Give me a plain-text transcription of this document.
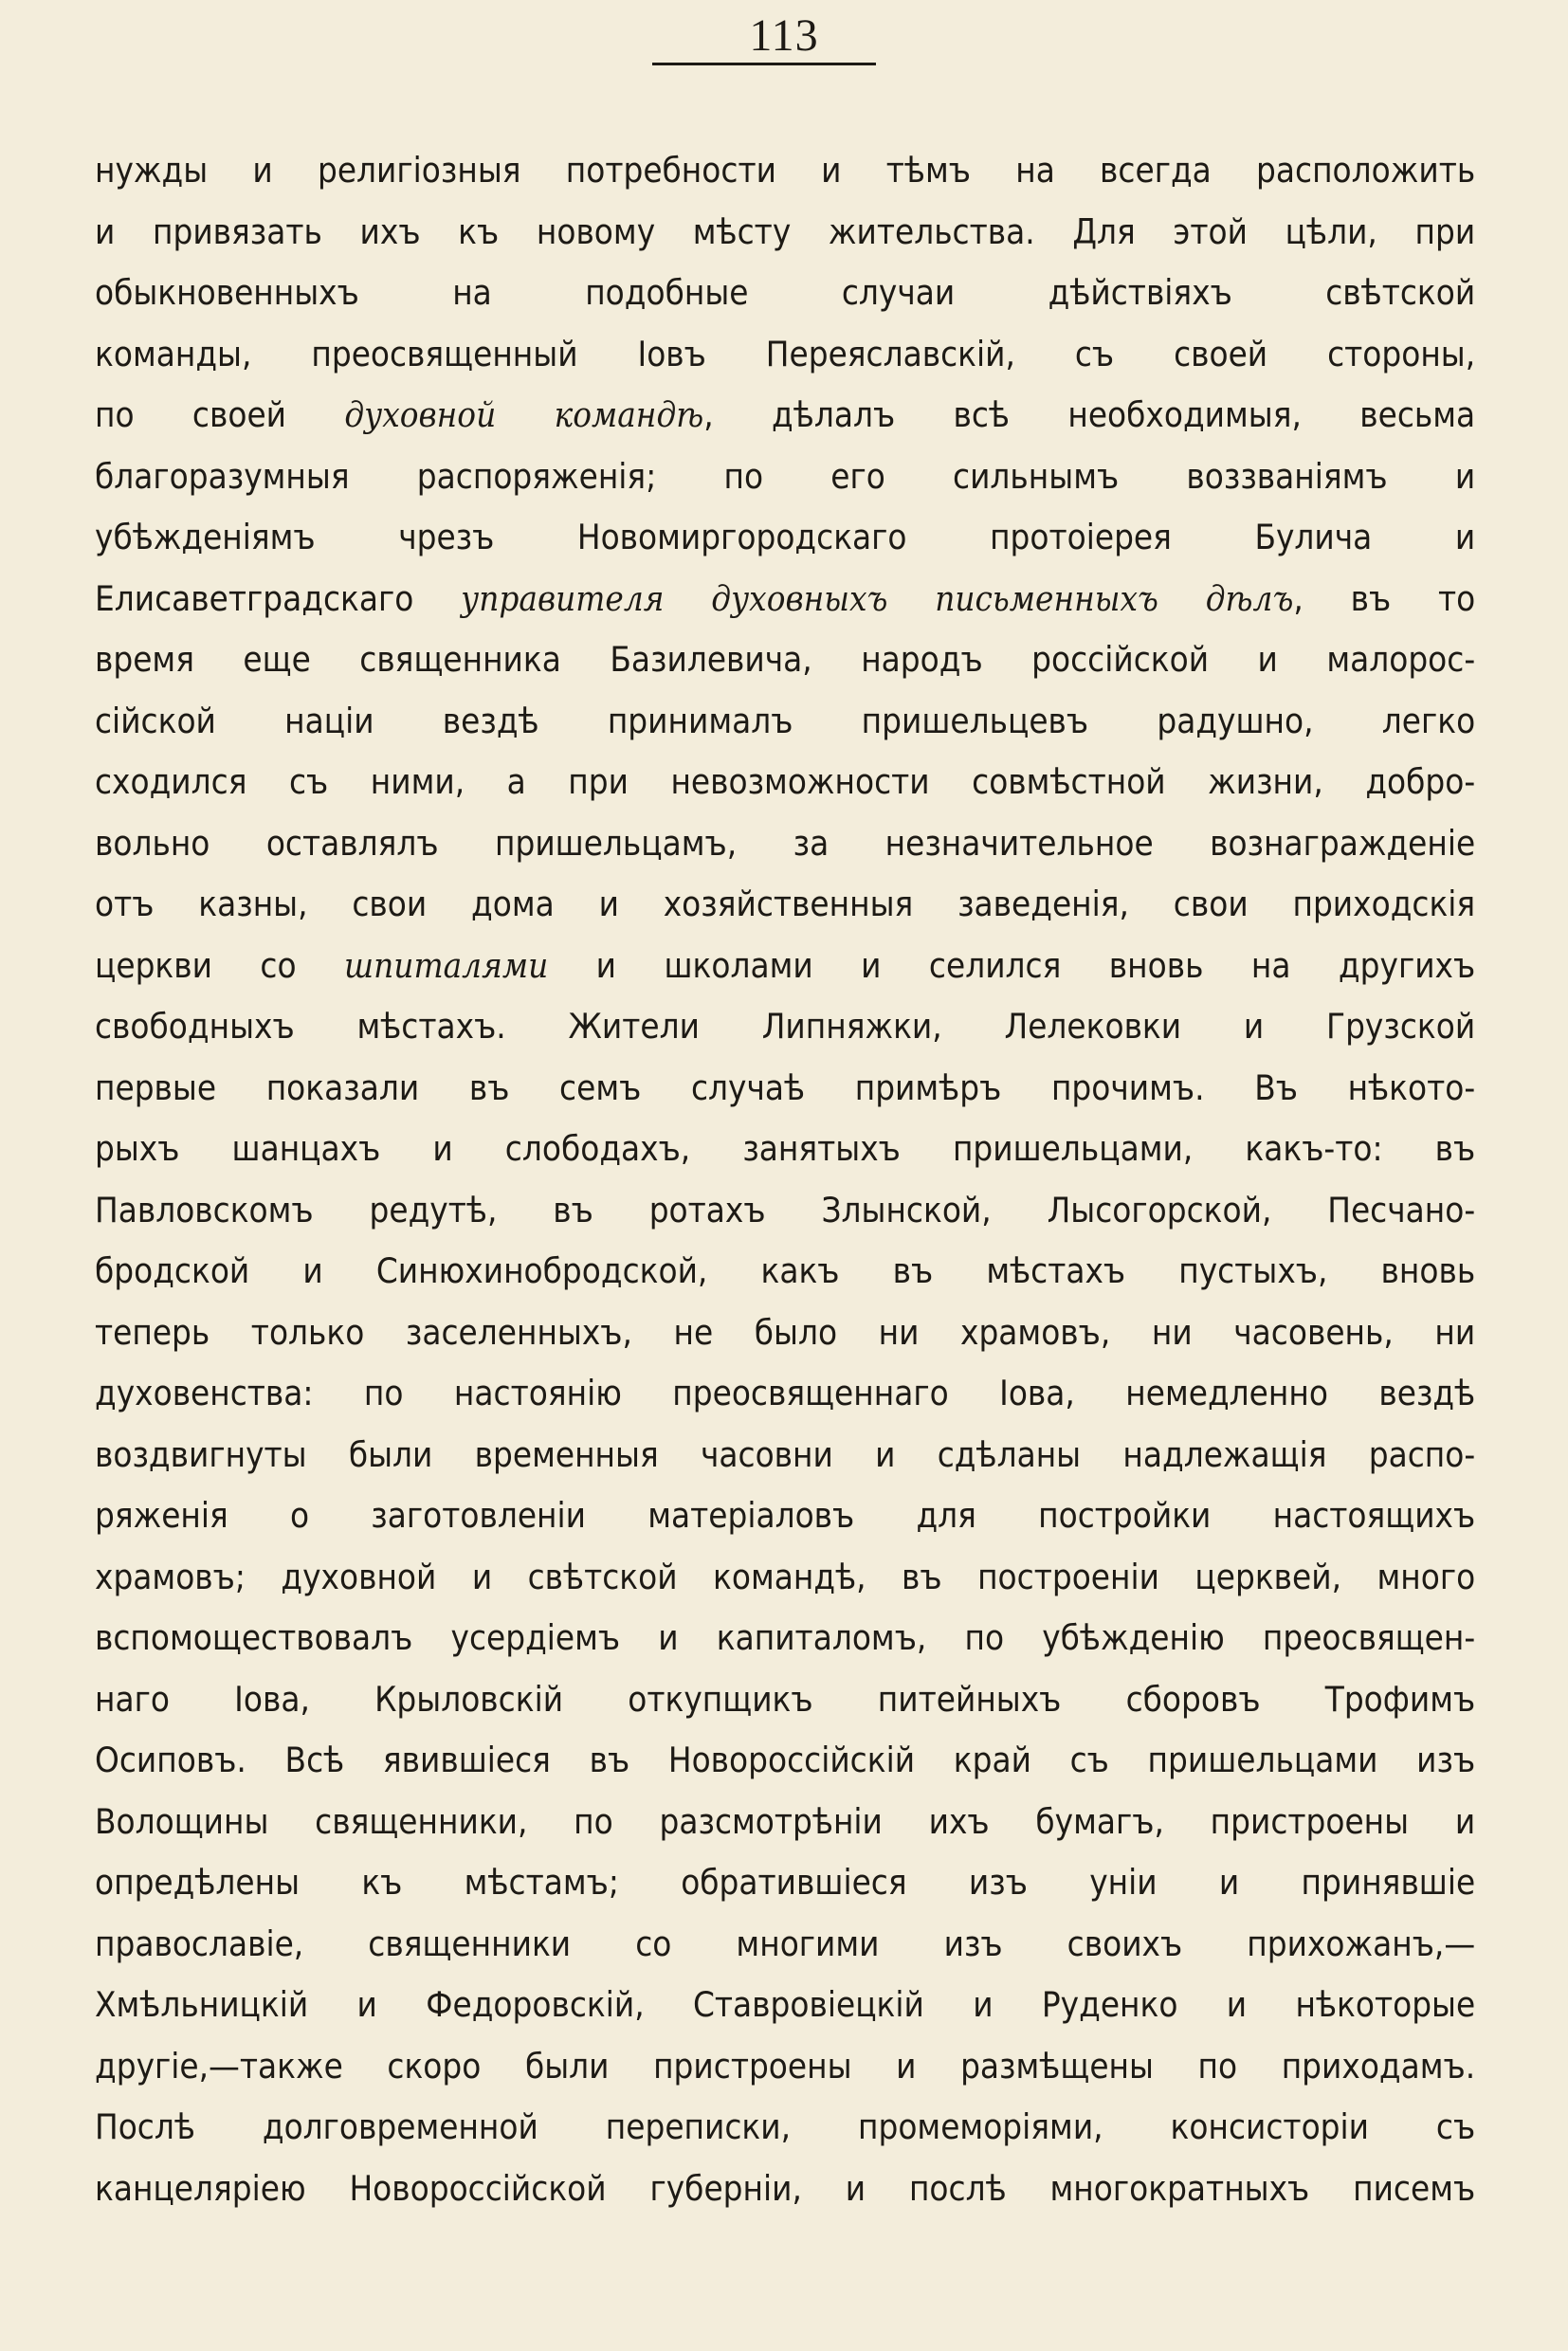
113
нужды и религiозныя потребности и тѣмъ на всегда расположить
и привязать ихъ къ новому мѣсту жительства. Для этой цѣли, при
обыкновенныхъ на подобные случаи дѣйствiяхъ свѣтской
команды, преосвященный Iовъ Переяславскiй, съ своей стороны,
по своей духовной командѣ, дѣлалъ всѣ необходимыя, весьма
благоразумныя распоряженiя; по его сильнымъ воззванiямъ и
убѣжденiямъ чрезъ Новомиргородскаго протоiерея Булича и
Елисаветградскаго управителя духовныхъ письменныхъ дѣлъ, въ то
время еще священника Базилевича, народъ россiйской и малорос-
сiйской нацiи вездѣ принималъ пришельцевъ радушно, легко
сходился съ ними, а при невозможности совмѣстной жизни, добро-
вольно оставлялъ пришельцамъ, за незначительное вознагражденiе
отъ казны, свои дома и хозяйственныя заведенiя, свои приходскiя
церкви со шпиталями и школами и селился вновь на другихъ
свободныхъ мѣстахъ. Жители Липняжки, Лелековки и Грузской
первые показали въ семъ случаѣ примѣръ прочимъ. Въ нѣкото-
рыхъ шанцахъ и слободахъ, занятыхъ пришельцами, какъ-то: въ
Павловскомъ редутѣ, въ ротахъ Злынской, Лысогорской, Песчано-
бродской и Синюхинобродской, какъ въ мѣстахъ пустыхъ, вновь
теперь только заселенныхъ, не было ни храмовъ, ни часовень, ни
духовенства: по настоянiю преосвященнаго Iова, немедленно вездѣ
воздвигнуты были временныя часовни и сдѣланы надлежащiя распо-
ряженiя о заготовленiи матерiаловъ для постройки настоящихъ
храмовъ; духовной и свѣтской командѣ, въ построенiи церквей, много
вспомоществовалъ усердiемъ и капиталомъ, по убѣжденiю преосвящен-
наго Iова, Крыловскiй откупщикъ питейныхъ сборовъ Трофимъ
Осиповъ. Всѣ явившiеся въ Новороссiйскiй край съ пришельцами изъ
Волощины священники, по разсмотрѣнiи ихъ бумагъ, пристроены и
опредѣлены къ мѣстамъ; обратившiеся изъ унiи и принявшiе
православiе, священники со многими изъ своихъ прихожанъ,—
Хмѣльницкiй и Федоровскiй, Ставровiецкiй и Руденко и нѣкоторые
другiе,—также скоро были пристроены и размѣщены по приходамъ.
Послѣ долговременной переписки, промеморiями, консисторiи съ
канцелярiею Новороссiйской губернiи, и послѣ многократныхъ писемъ
